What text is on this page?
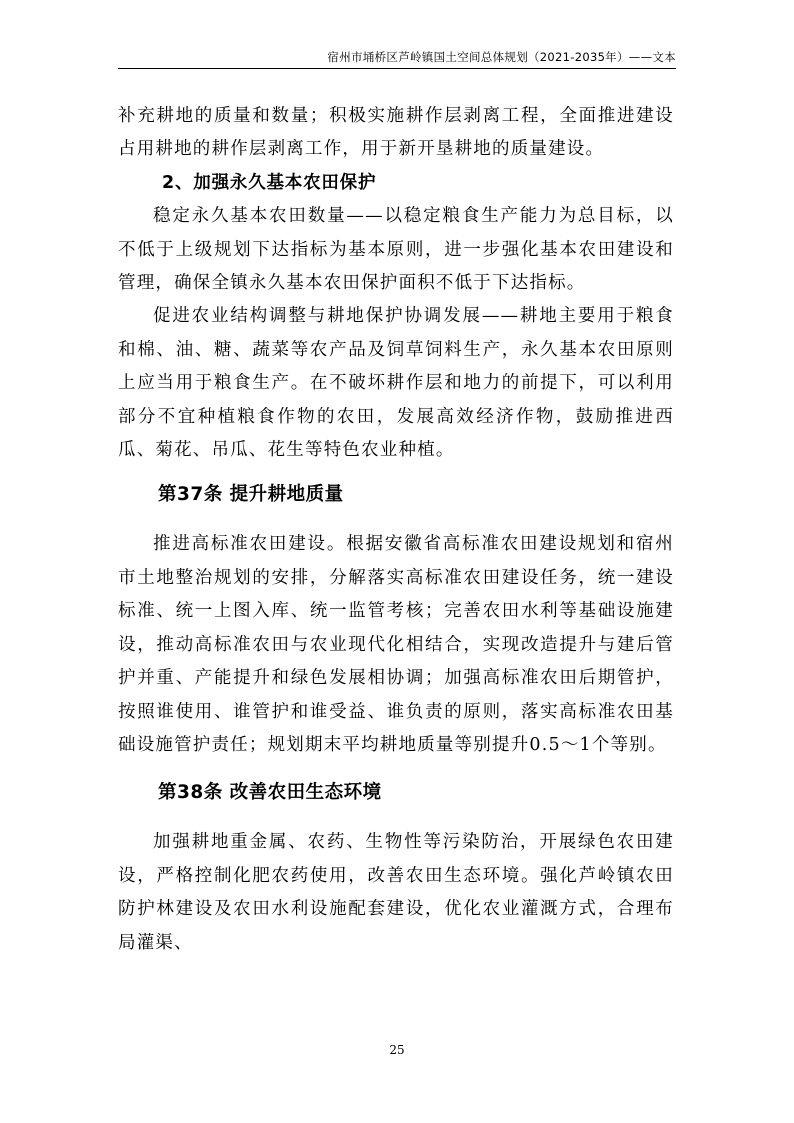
宿州市埇桥区芦岭镇国土空间总体规划（2021-2035年）——文本

补充耕地的质量和数量；积极实施耕作层剥离工程，全面推进建设占用耕地的耕作层剥离工作，用于新开垦耕地的质量建设。

2、加强永久基本农田保护

稳定永久基本农田数量——以稳定粮食生产能力为总目标，以不低于上级规划下达指标为基本原则，进一步强化基本农田建设和管理，确保全镇永久基本农田保护面积不低于下达指标。

促进农业结构调整与耕地保护协调发展——耕地主要用于粮食和棉、油、糖、蔬菜等农产品及饲草饲料生产，永久基本农田原则上应当用于粮食生产。在不破坏耕作层和地力的前提下，可以利用部分不宜种植粮食作物的农田，发展高效经济作物，鼓励推进西瓜、菊花、吊瓜、花生等特色农业种植。

第37条 提升耕地质量

推进高标准农田建设。根据安徽省高标准农田建设规划和宿州市土地整治规划的安排，分解落实高标准农田建设任务，统一建设标准、统一上图入库、统一监管考核；完善农田水利等基础设施建设，推动高标准农田与农业现代化相结合，实现改造提升与建后管护并重、产能提升和绿色发展相协调；加强高标准农田后期管护，按照谁使用、谁管护和谁受益、谁负责的原则，落实高标准农田基础设施管护责任；规划期末平均耕地质量等别提升0.5～1个等别。

第38条 改善农田生态环境

加强耕地重金属、农药、生物性等污染防治，开展绿色农田建设，严格控制化肥农药使用，改善农田生态环境。强化芦岭镇农田防护林建设及农田水利设施配套建设，优化农业灌溉方式，合理布局灌渠、

25
